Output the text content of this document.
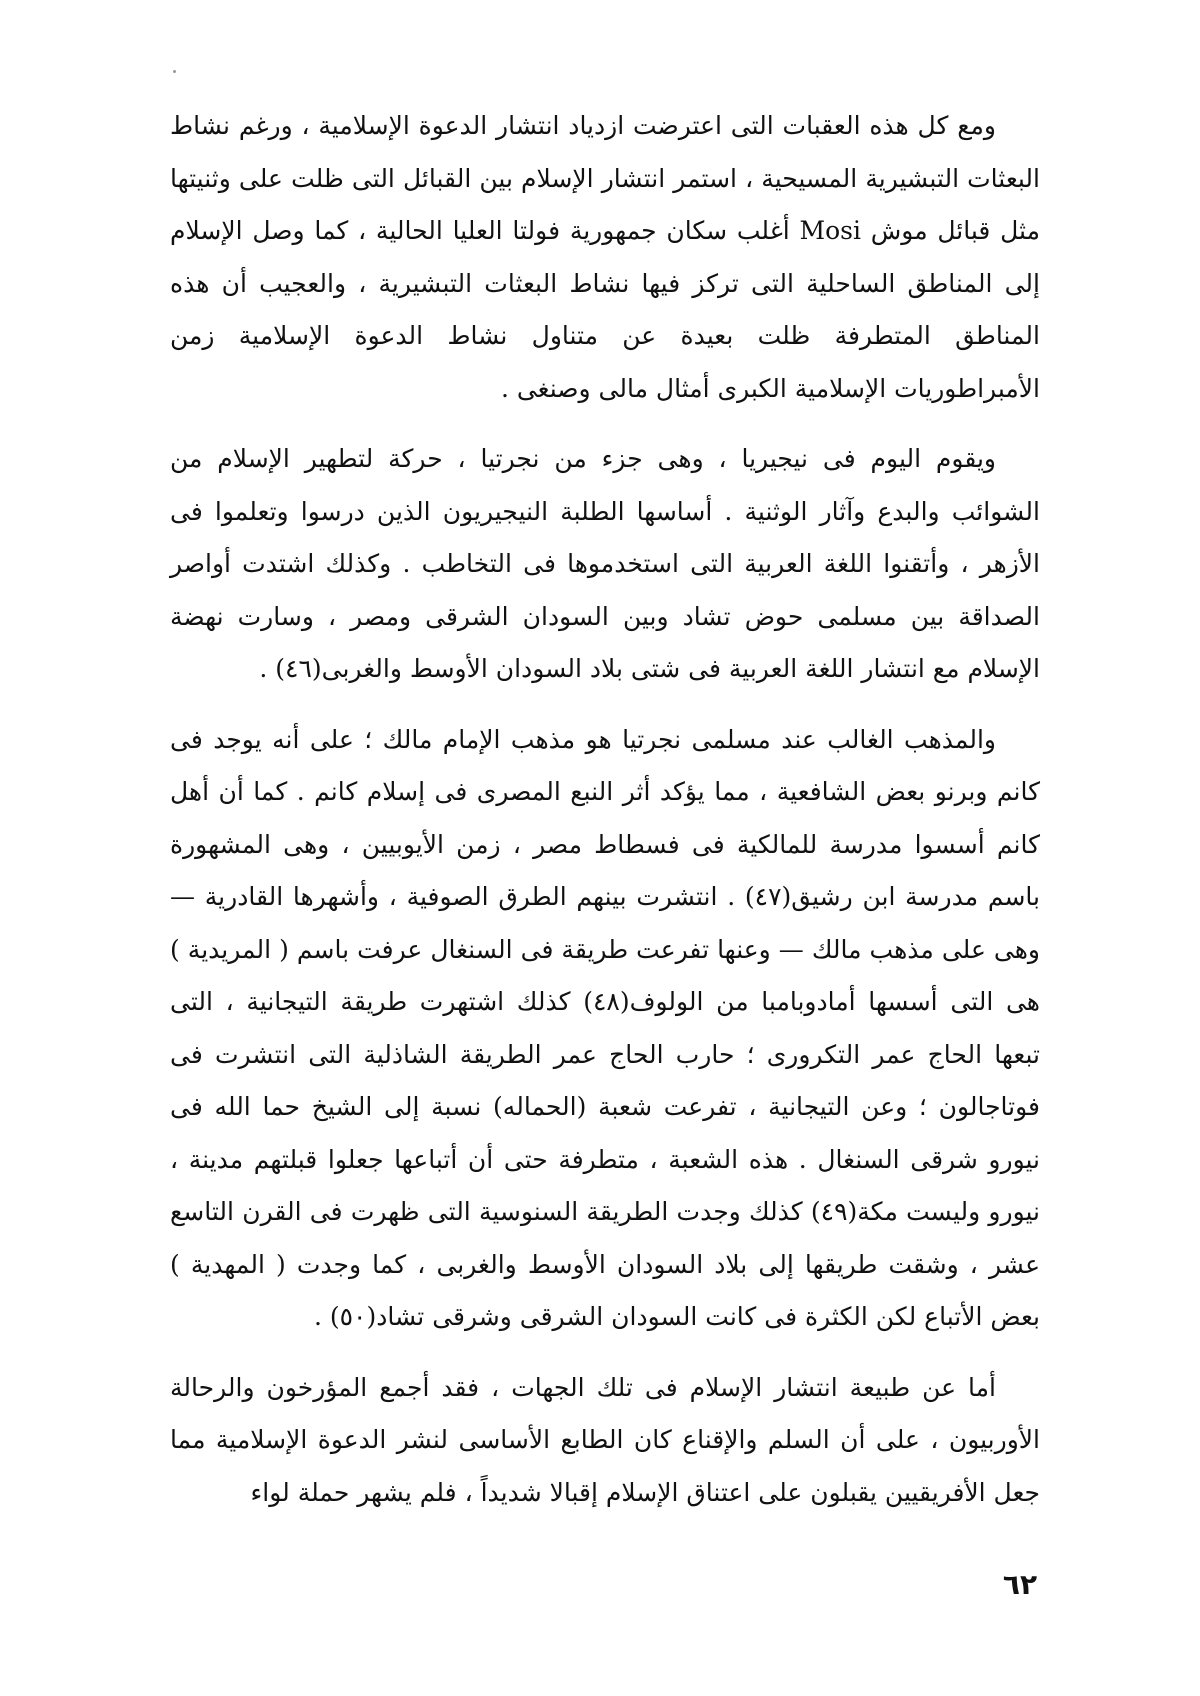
ومع كل هذه العقبات التى اعترضت ازدياد انتشار الدعوة الإسلامية ، ورغم نشاط البعثات التبشيرية المسيحية ، استمر انتشار الإسلام بين القبائل التى ظلت على وثنيتها مثل قبائل موش Mosi أغلب سكان جمهورية فولتا العليا الحالية ، كما وصل الإسلام إلى المناطق الساحلية التى تركز فيها نشاط البعثات التبشيرية ، والعجيب أن هذه المناطق المتطرفة ظلت بعيدة عن متناول نشاط الدعوة الإسلامية زمن الأمبراطوريات الإسلامية الكبرى أمثال مالى وصنغى .

ويقوم اليوم فى نيجيريا ، وهى جزء من نجرتيا ، حركة لتطهير الإسلام من الشوائب والبدع وآثار الوثنية . أساسها الطلبة النيجيريون الذين درسوا وتعلموا فى الأزهر ، وأتقنوا اللغة العربية التى استخدموها فى التخاطب . وكذلك اشتدت أواصر الصداقة بين مسلمى حوض تشاد وبين السودان الشرقى ومصر ، وسارت نهضة الإسلام مع انتشار اللغة العربية فى شتى بلاد السودان الأوسط والغربى(٤٦) .

والمذهب الغالب عند مسلمى نجرتيا هو مذهب الإمام مالك ؛ على أنه يوجد فى كانم وبرنو بعض الشافعية ، مما يؤكد أثر النبع المصرى فى إسلام كانم . كما أن أهل كانم أسسوا مدرسة للمالكية فى فسطاط مصر ، زمن الأيوبيين ، وهى المشهورة باسم مدرسة ابن رشيق(٤٧) . انتشرت بينهم الطرق الصوفية ، وأشهرها القادرية — وهى على مذهب مالك — وعنها تفرعت طريقة فى السنغال عرفت باسم ( المريدية ) هى التى أسسها أمادوبامبا من الولوف(٤٨) كذلك اشتهرت طريقة التيجانية ، التى تبعها الحاج عمر التكرورى ؛ حارب الحاج عمر الطريقة الشاذلية التى انتشرت فى فوتاجالون ؛ وعن التيجانية ، تفرعت شعبة (الحماله) نسبة إلى الشيخ حما الله فى نيورو شرقى السنغال . هذه الشعبة ، متطرفة حتى أن أتباعها جعلوا قبلتهم مدينة ، نيورو وليست مكة(٤٩) كذلك وجدت الطريقة السنوسية التى ظهرت فى القرن التاسع عشر ، وشقت طريقها إلى بلاد السودان الأوسط والغربى ، كما وجدت ( المهدية ) بعض الأتباع لكن الكثرة فى كانت السودان الشرقى وشرقى تشاد(٥٠) .

أما عن طبيعة انتشار الإسلام فى تلك الجهات ، فقد أجمع المؤرخون والرحالة الأوربيون ، على أن السلم والإقناع كان الطابع الأساسى لنشر الدعوة الإسلامية مما جعل الأفريقيين يقبلون على اعتناق الإسلام إقبالا شديداً ، فلم يشهر حملة لواء

٦٢
